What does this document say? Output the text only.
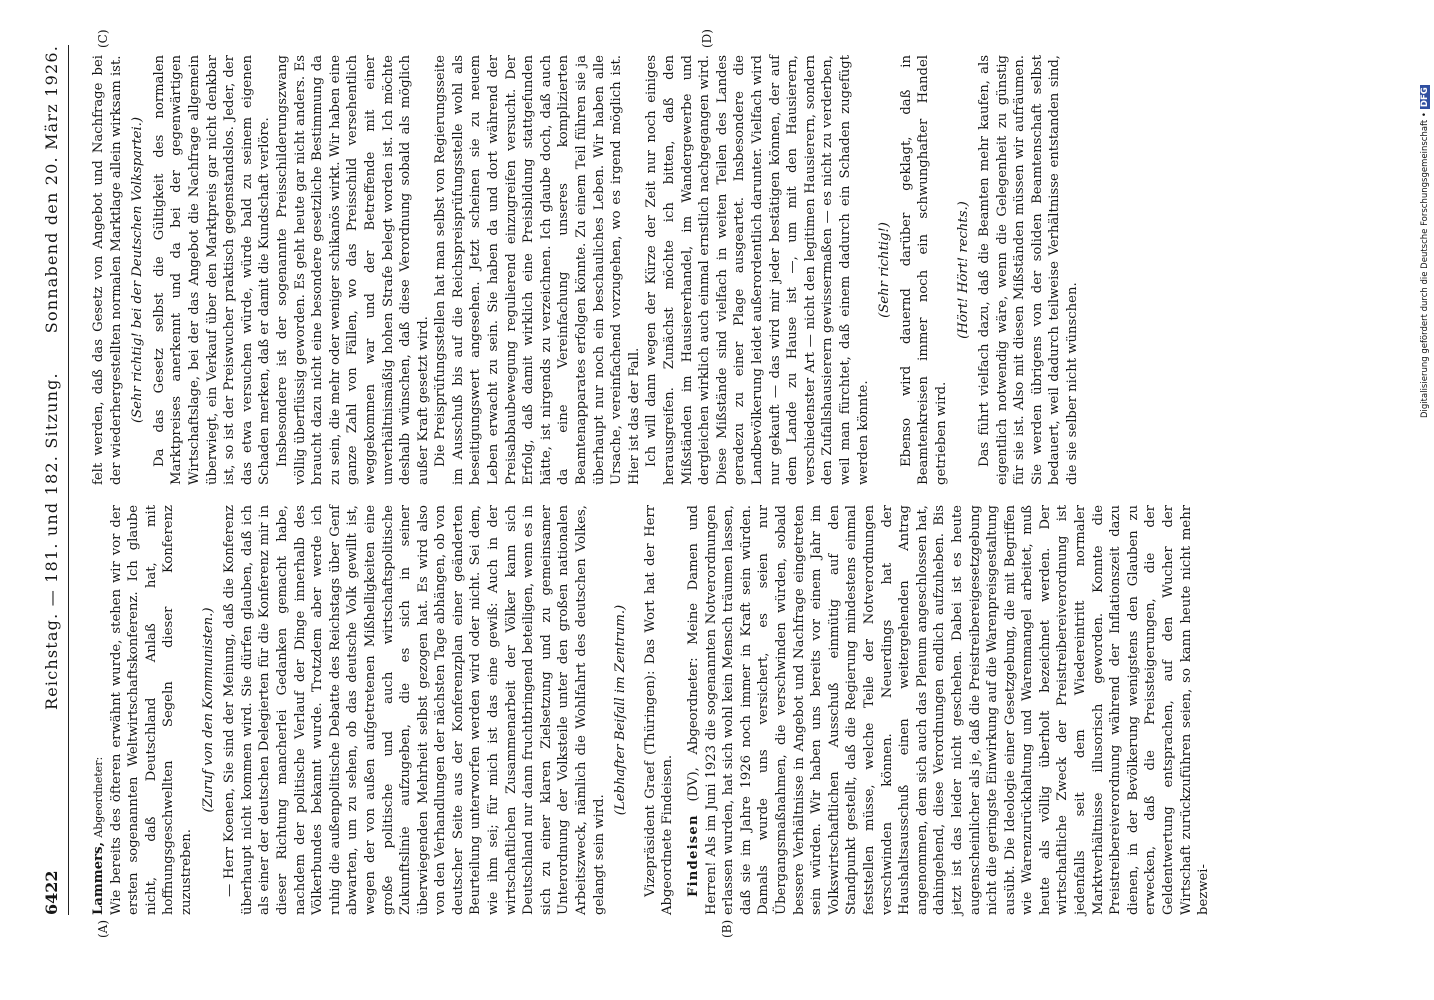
6422
Reichstag. — 181. und 182. Sitzung.
Sonnabend den 20. März 1926.
(A)	(B)
(C)	(D)

Lammers, Abgeordneter: Wie bereits des öfteren erwähnt wurde, stehen wir vor der ersten sogenannten Weltwirtschaftskonferenz. Ich glaube nicht, daß Deutschland Anlaß hat, mit hoffnungsgeschwellten Segeln dieser Konferenz zuzustreben.

(Zuruf von den Kommunisten.) — Herr Koenen, Sie sind der Meinung, daß die Konferenz überhaupt nicht kommen wird. Sie dürfen glauben, daß ich als einer der deutschen Delegierten für die Konferenz mir in dieser Richtung mancherlei Gedanken gemacht habe, nachdem der politische Verlauf der Dinge innerhalb des Völkerbundes bekannt wurde. Trotzdem aber werde ich ruhig die außenpolitische Debatte des Reichstags über Genf abwarten, um zu sehen, ob das deutsche Volk gewillt ist, wegen der von außen aufgetretenen Mißhelligkeiten eine große politische und auch wirtschaftspolitische Zukunftslinie aufzugeben, die es sich in seiner überwiegenden Mehrheit selbst gezogen hat. Es wird also von den Verhandlungen der nächsten Tage abhängen, ob von deutscher Seite aus der Konferenzplan einer geänderten Beurteilung unterworfen werden wird oder nicht. Sei dem, wie ihm sei; für mich ist das eine gewiß: Auch in der wirtschaftlichen Zusammenarbeit der Völker kann sich Deutschland nur dann fruchtbringend beteiligen, wenn es in sich zu einer klaren Zielsetzung und zu gemeinsamer Unterordnung der Volksteile unter den großen nationalen Arbeitszweck, nämlich die Wohlfahrt des deutschen Volkes, gelangt sein wird.

(Lebhafter Beifall im Zentrum.) Vizepräsident Graef (Thüringen): Das Wort hat der Herr Abgeordnete Findeisen. Findeisen (DV), Abgeordneter: Meine Damen und Herren! Als im Juni 1923 die sogenannten Notverordnungen erlassen wurden, hat sich wohl kein Mensch träumen lassen, daß sie im Jahre 1926 noch immer in Kraft sein würden. Damals wurde uns versichert, es seien nur Übergangsmaßnahmen, die verschwinden würden, sobald bessere Verhältnisse in Angebot und Nachfrage eingetreten sein würden. Wir haben uns bereits vor einem Jahr im Volkswirtschaftlichen Ausschuß einmütig auf den Standpunkt gestellt, daß die Regierung mindestens einmal feststellen müsse, welche Teile der Notverordnungen verschwinden können. Neuerdings hat der Haushaltsausschuß einen weitergehenden Antrag angenommen, dem sich auch das Plenum angeschlossen hat, dahingehend, diese Verordnungen endlich aufzuheben. Bis jetzt ist das leider nicht geschehen. Dabei ist es heute augenscheinlicher als je, daß die Preistreibereigesetzgebung nicht die geringste Einwirkung auf die Warenpreisgestaltung ausübt. Die Ideologie einer Gesetzgebung, die mit Begriffen wie Warenzurückhaltung und Warenmangel arbeitet, muß heute als völlig überholt bezeichnet werden. Der wirtschaftliche Zweck der Preistreibereiverordnung ist jedenfalls seit dem Wiedereintritt normaler Marktverhältnisse illusorisch geworden. Konnte die Preistreibereiverordnung während der Inflationszeit dazu dienen, in der Bevölkerung wenigstens den Glauben zu erwecken, daß die Preissteigerungen, die der Geldentwertung entsprachen, auf den Wucher der Wirtschaft zurückzuführen seien, so kann heute nicht mehr bezwei-

felt werden, daß das Gesetz von Angebot und Nachfrage bei der wiederhergestellten normalen Marktlage allein wirksam ist. (Sehr richtig! bei der Deutschen Volkspartei.) Da das Gesetz selbst die Gültigkeit des normalen Marktpreises anerkennt und da bei der gegenwärtigen Wirtschaftslage, bei der das Angebot die Nachfrage allgemein überwiegt, ein Verkauf über den Marktpreis gar nicht denkbar ist, so ist der Preiswucher praktisch gegenstandslos. Jeder, der das etwa versuchen würde, würde bald zu seinem eigenen Schaden merken, daß er damit die Kundschaft verlöre. Insbesondere ist der sogenannte Preisschilderungszwang völlig überflüssig geworden. Es geht heute gar nicht anders. Es braucht dazu nicht eine besondere gesetzliche Bestimmung da zu sein, die mehr oder weniger schikanös wirkt. Wir haben eine ganze Zahl von Fällen, wo das Preisschild versehentlich weggekommen war und der Betreffende mit einer unverhältnismäßig hohen Strafe belegt worden ist. Ich möchte deshalb wünschen, daß diese Verordnung sobald als möglich außer Kraft gesetzt wird. Die Preisprüfungsstellen hat man selbst von Regierungsseite im Ausschuß bis auf die Reichspreisprüfungsstelle wohl als beseitigungswert angesehen. Jetzt scheinen sie zu neuem Leben erwacht zu sein. Sie haben da und dort während der Preisabbaubewegung regulierend einzugreifen versucht. Der Erfolg, daß damit wirklich eine Preisbildung stattgefunden hätte, ist nirgends zu verzeichnen. Ich glaube doch, daß auch da eine Vereinfachung unseres komplizierten Beamtenapparates erfolgen könnte. Zu einem Teil führen sie ja überhaupt nur noch ein beschauliches Leben. Wir haben alle Ursache, vereinfachend vorzugehen, wo es irgend möglich ist. Hier ist das der Fall. Ich will dann wegen der Kürze der Zeit nur noch einiges herausgreifen. Zunächst möchte ich bitten, daß den Mißständen im Hausiererhandel, im Wandergewerbe und dergleichen wirklich auch einmal ernstlich nachgegangen wird. Diese Mißstände sind vielfach in weiten Teilen des Landes geradezu zu einer Plage ausgeartet. Insbesondere die Landbevölkerung leidet außerordentlich darunter. Vielfach wird nur gekauft — das wird mir jeder bestätigen können, der auf dem Lande zu Hause ist —, um mit den Hausierern, verschiedenster Art — nicht den legitimen Hausierern, sondern den Zufallshausierern gewissermaßen — es nicht zu verderben, weil man fürchtet, daß einem dadurch ein Schaden zugefügt werden könnte.

(Sehr richtig!) Ebenso wird dauernd darüber geklagt, daß in Beamtenkreisen immer noch ein schwunghafter Handel getrieben wird.

(Hört! Hört! rechts.) Das führt vielfach dazu, daß die Beamten mehr kaufen, als eigentlich notwendig wäre, wenn die Gelegenheit zu günstig für sie ist. Also mit diesen Mißständen müssen wir aufräumen. Sie werden übrigens von der soliden Beamtenschaft selbst bedauert, weil dadurch teilweise Verhältnisse entstanden sind, die sie selber nicht wünschen.	Digitalisierung gefördert durch die Deutsche Forschungsgemeinschaft •DFG
